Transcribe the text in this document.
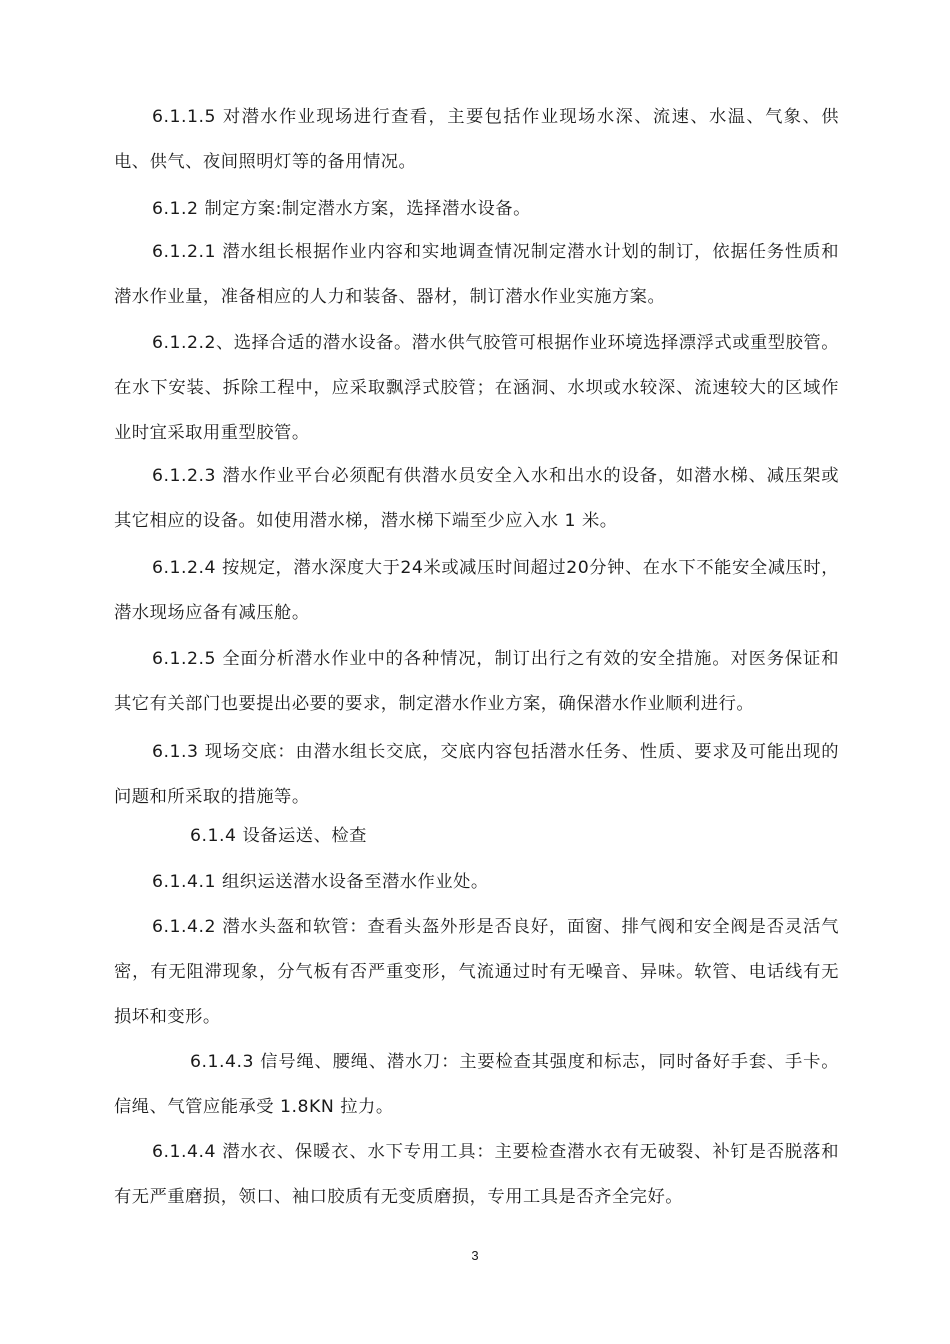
6.1.1.5 对潜水作业现场进行查看，主要包括作业现场水深、流速、水温、气象、供电、供气、夜间照明灯等的备用情况。

6.1.2 制定方案:制定潜水方案，选择潜水设备。

6.1.2.1 潜水组长根据作业内容和实地调查情况制定潜水计划的制订，依据任务性质和潜水作业量，准备相应的人力和装备、器材，制订潜水作业实施方案。

6.1.2.2、选择合适的潜水设备。潜水供气胶管可根据作业环境选择漂浮式或重型胶管。在水下安装、拆除工程中，应采取飘浮式胶管；在涵洞、水坝或水较深、流速较大的区域作业时宜采取用重型胶管。

6.1.2.3 潜水作业平台必须配有供潜水员安全入水和出水的设备，如潜水梯、减压架或其它相应的设备。如使用潜水梯，潜水梯下端至少应入水 1 米。

6.1.2.4 按规定，潜水深度大于24米或减压时间超过20分钟、在水下不能安全减压时，潜水现场应备有减压舱。

6.1.2.5 全面分析潜水作业中的各种情况，制订出行之有效的安全措施。对医务保证和其它有关部门也要提出必要的要求，制定潜水作业方案，确保潜水作业顺利进行。

6.1.3 现场交底：由潜水组长交底，交底内容包括潜水任务、性质、要求及可能出现的问题和所采取的措施等。

6.1.4 设备运送、检查

6.1.4.1 组织运送潜水设备至潜水作业处。

6.1.4.2 潜水头盔和软管：查看头盔外形是否良好，面窗、排气阀和安全阀是否灵活气密，有无阻滞现象，分气板有否严重变形，气流通过时有无噪音、异味。软管、电话线有无损坏和变形。

6.1.4.3 信号绳、腰绳、潜水刀：主要检查其强度和标志，同时备好手套、手卡。信绳、气管应能承受 1.8KN 拉力。

6.1.4.4 潜水衣、保暖衣、水下专用工具：主要检查潜水衣有无破裂、补钉是否脱落和有无严重磨损，领口、袖口胶质有无变质磨损，专用工具是否齐全完好。

3
